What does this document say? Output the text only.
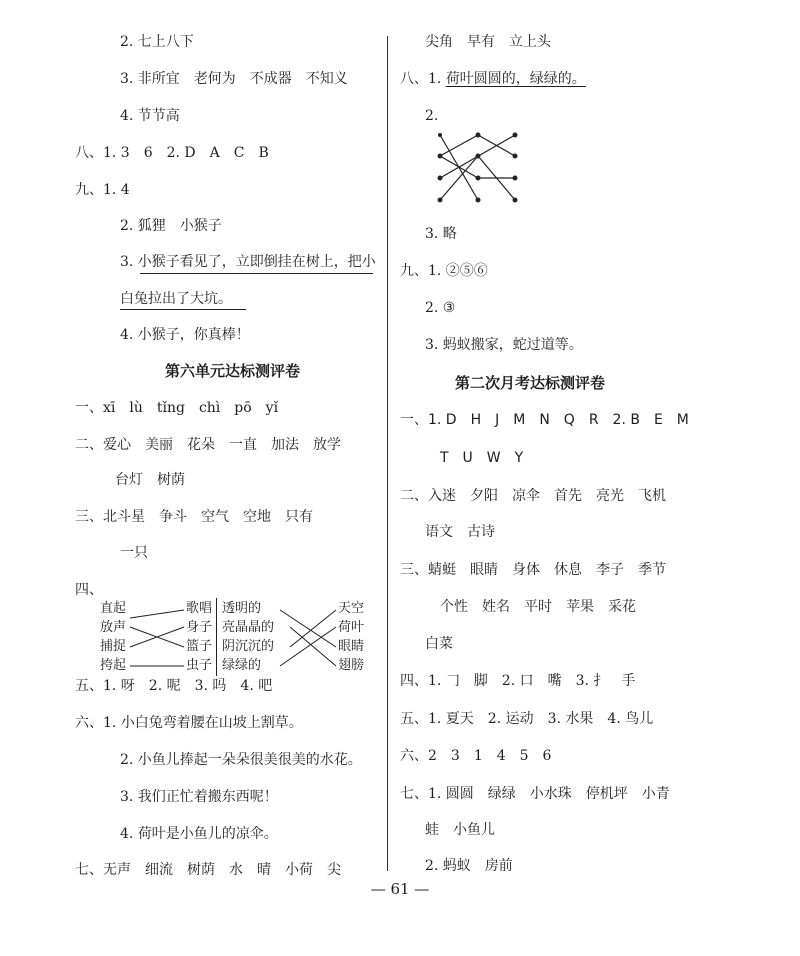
2. 七上八下
3. 非所宜　老何为　不成器　不知义
4. 节节高
八、1. 3　6　2. D　A　C　B
九、1. 4
2. 狐狸　小猴子
3. 小猴子看见了，立即倒挂在树上，把小
白兔拉出了大坑。
4. 小猴子，你真棒！
第六单元达标测评卷
一、xī　lù　tǐng　chì　pō　yǐ
二、爱心　美丽　花朵　一直　加法　放学
台灯　树荫
三、北斗星　争斗　空气　空地　只有
一只
四、
直起
放声
捕捉
挎起
歌唱
身子
篮子
虫子
透明的
亮晶晶的
阴沉沉的
绿绿的
天空
荷叶
眼睛
翅膀
五、1. 呀　2. 呢　3. 吗　4. 吧
六、1. 小白兔弯着腰在山坡上割草。
2. 小鱼儿捧起一朵朵很美很美的水花。
3. 我们正忙着搬东西呢！
4. 荷叶是小鱼儿的凉伞。
七、无声　细流　树荫　水　晴　小荷　尖
尖角　早有　立上头
八、1. 荷叶圆圆的，绿绿的。
2.
3. 略
九、1. ②⑤⑥
2. ③
3. 蚂蚁搬家，蛇过道等。
第二次月考达标测评卷
一、1. D　H　J　M　N　Q　R　2. B　E　M
T　U　W　Y
二、入迷　夕阳　凉伞　首先　亮光　飞机
语文　古诗
三、蜻蜓　眼睛　身体　休息　李子　季节
个性　姓名　平时　苹果　采花
白菜
四、1. 𠃌　脚　2. 口　嘴　3. 扌　手
五、1. 夏天　2. 运动　3. 水果　4. 鸟儿
六、2　3　1　4　5　6
七、1. 圆圆　绿绿　小水珠　停机坪　小青
蛙　小鱼儿
2. 蚂蚁　房前
— 61 —
